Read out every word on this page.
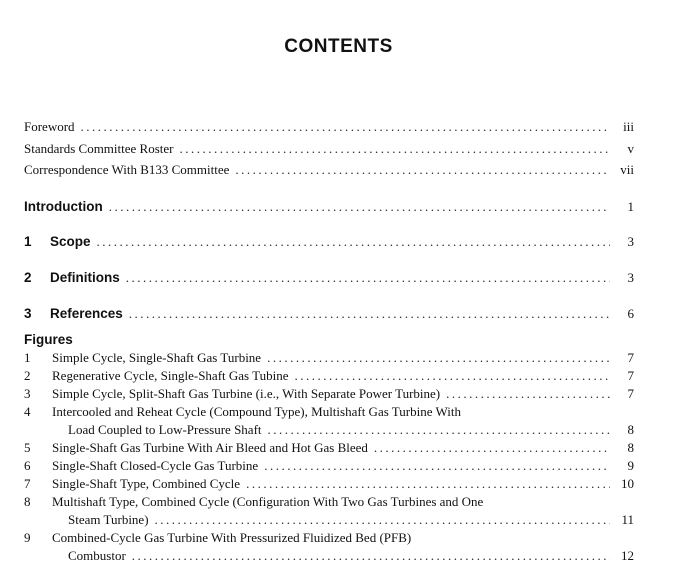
CONTENTS
Foreword .....	iii
Standards Committee Roster .....	v
Correspondence With B133 Committee .....	vii
Introduction .....	1
1	Scope .....	3
2	Definitions .....	3
3	References .....	6
Figures
1	Simple Cycle, Single-Shaft Gas Turbine .....	7
2	Regenerative Cycle, Single-Shaft Gas Tubine .....	7
3	Simple Cycle, Split-Shaft Gas Turbine (i.e., With Separate Power Turbine) .....	7
4	Intercooled and Reheat Cycle (Compound Type), Multishaft Gas Turbine With
Load Coupled to Low-Pressure Shaft .....	8
5	Single-Shaft Gas Turbine With Air Bleed and Hot Gas Bleed .....	8
6	Single-Shaft Closed-Cycle Gas Turbine .....	9
7	Single-Shaft Type, Combined Cycle .....	10
8	Multishaft Type, Combined Cycle (Configuration With Two Gas Turbines and One
Steam Turbine) .....	11
9	Combined-Cycle Gas Turbine With Pressurized Fluidized Bed (PFB)
Combustor .....	12
